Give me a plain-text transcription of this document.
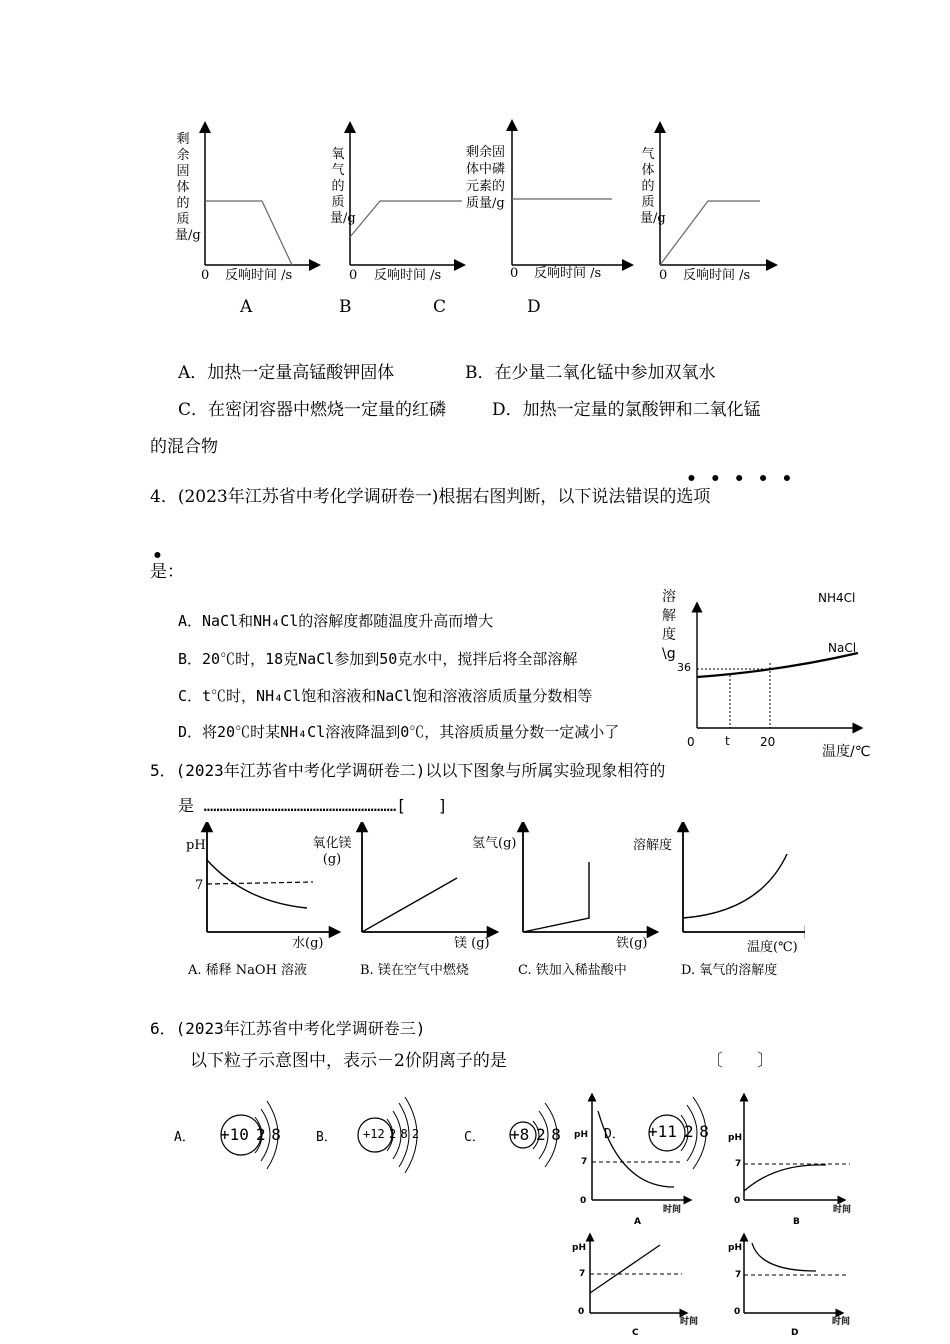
剩余固体的质量/g
0 反响时间 /s
A
氧气的质量/g
0 反响时间 /s
B	C
剩余固体中磷元素的质量/g
0 反响时间 /s
D
气体的质量/g
0 反响时间 /s
A．加热一定量高锰酸钾固体	B．在少量二氧化锰中参加双氧水
C．在密闭容器中燃烧一定量的红磷	D．加热一定量的氯酸钾和二氧化锰
的混合物
•••••
4．(2023年江苏省中考化学调研卷一)根据右图判断，以下说法错误的选项
•
是：
A．NaCl和NH₄Cl的溶解度都随温度升高而增大
B．20℃时，18克NaCl参加到50克水中，搅拌后将全部溶解
C．t℃时，NH₄Cl饱和溶液和NaCl饱和溶液溶质质量分数相等
D．将20℃时某NH₄Cl溶液降温到0℃，其溶质质量分数一定减小了
溶解度\g
NH4Cl
NaCl
36
0	t	20
温度/℃
5．(2023年江苏省中考化学调研卷二)以以下图象与所属实验现象相符的
是 ……………………………………………………[　　]
pH
7
水(g)
A. 稀释 NaOH 溶液
氧化镁(g)
镁 (g)
B. 镁在空气中燃烧
氢气(g)
铁(g)
C. 铁加入稀盐酸中
溶解度
温度(℃)
D. 氧气的溶解度
6．(2023年江苏省中考化学调研卷三)
以下粒子示意图中，表示－2价阴离子的是	〔　　〕
A． +10 2 8	B． +12 2 8 2	C． +8 2 8	D． +11 2 8
pH
7
0
时间
A
pH
7
0
时间
B
pH
7
0
时间
C
pH
7
0
时间
D
